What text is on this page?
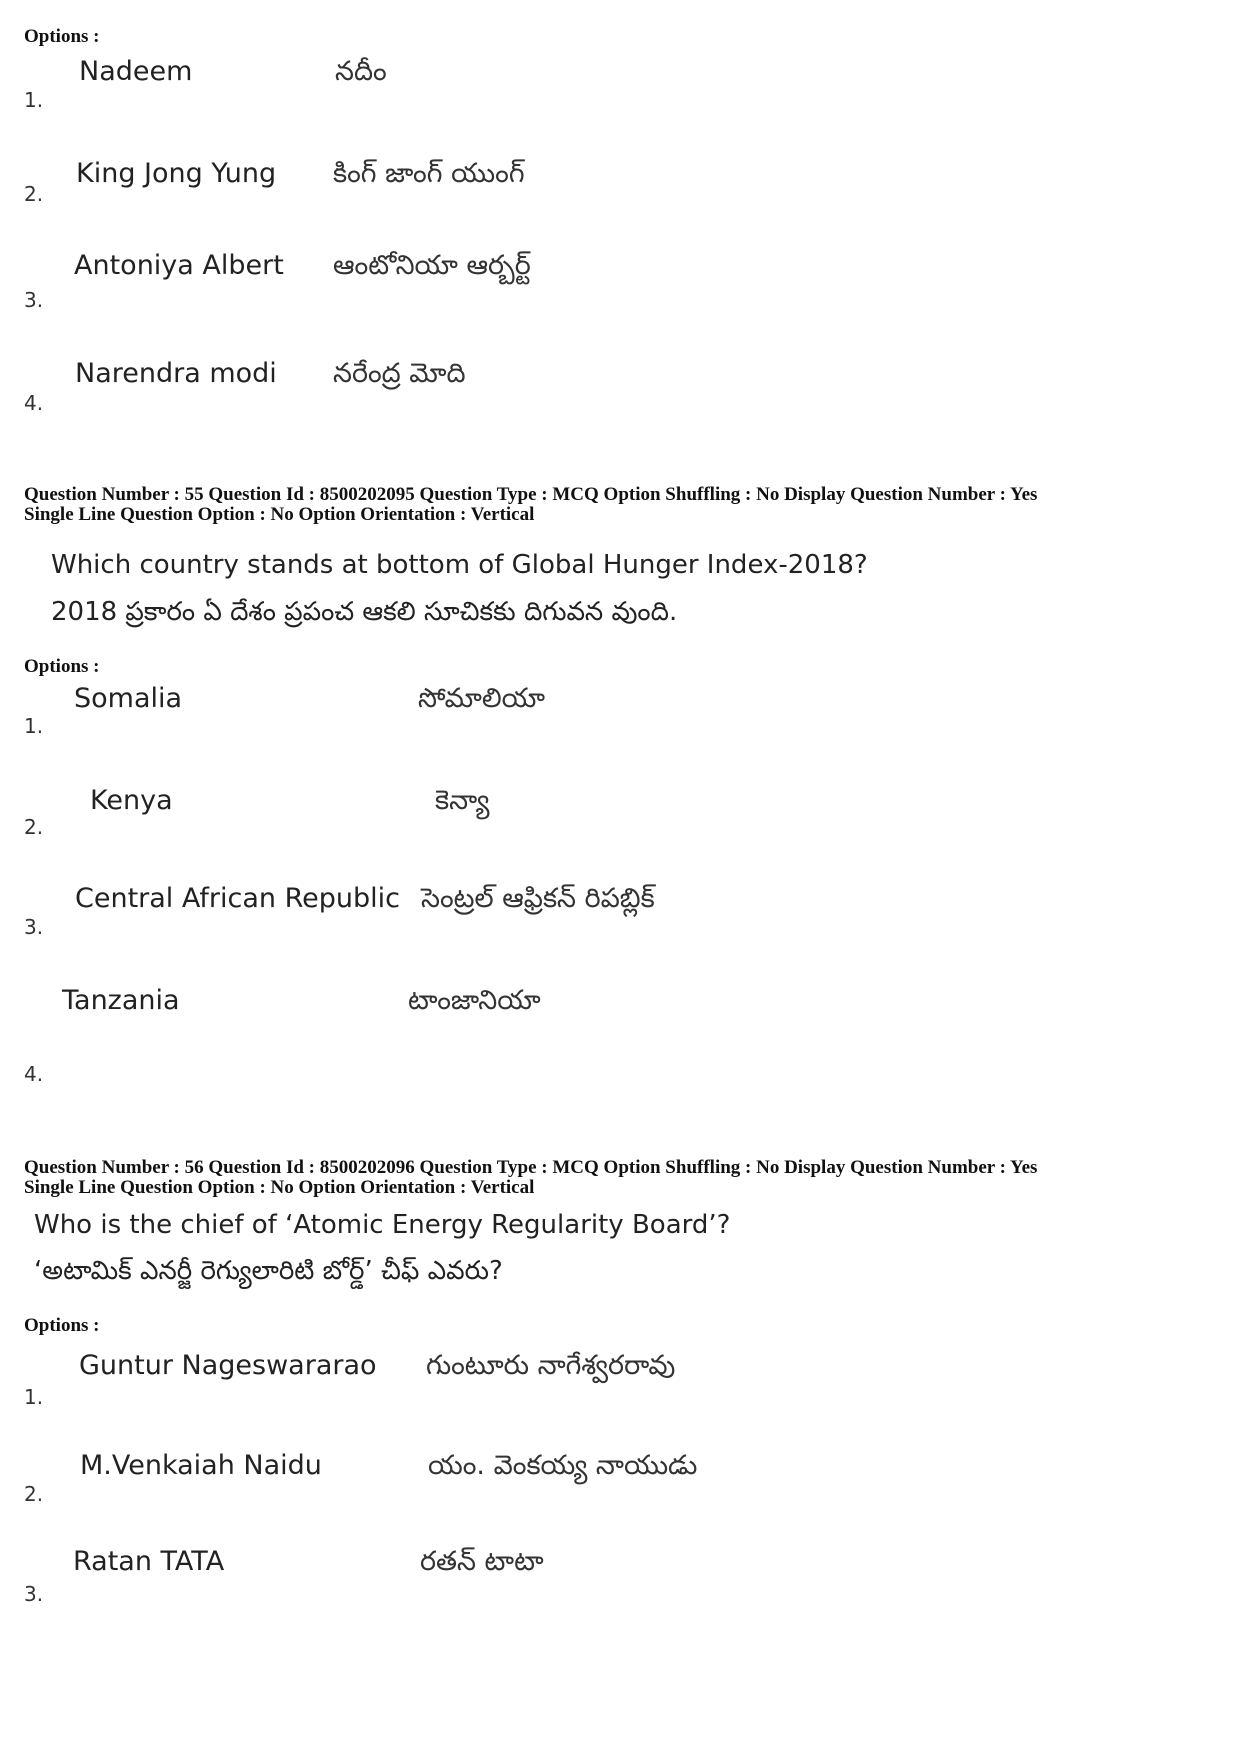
Options :
1.
Nadeem	నదీం
2.
King Jong Yung కింగ్ జాంగ్ యుంగ్
3.
Antoniya Albert ఆంటోనియా ఆర్బర్ట్
4.
Narendra modi నరేంద్ర మోది
Question Number : 55 Question Id : 8500202095 Question Type : MCQ Option Shuffling : No Display Question Number : Yes
Single Line Question Option : No Option Orientation : Vertical
Which country stands at bottom of Global Hunger Index-2018?
2018 ప్రకారం ఏ దేశం ప్రపంచ ఆకలి సూచికకు దిగువన వుంది.
Options :
1.
Somalia	సోమాలియా
2.
Kenya	కెన్యా
3.
Central African Republic సెంట్రల్ ఆఫ్రికన్ రిపబ్లిక్
Tanzania	టాంజానియా
4.
Question Number : 56 Question Id : 8500202096 Question Type : MCQ Option Shuffling : No Display Question Number : Yes
Single Line Question Option : No Option Orientation : Vertical
Who is the chief of ‘Atomic Energy Regularity Board’?
‘అటామిక్ ఎనర్జీ రెగ్యులారిటి బోర్డ్’ చీఫ్ ఎవరు?
Options :
1.
Guntur Nageswararao గుంటూరు నాగేశ్వరరావు
2.
M.Venkaiah Naidu	యం. వెంకయ్య నాయుడు
3.
Ratan TATA	రతన్ టాటా
